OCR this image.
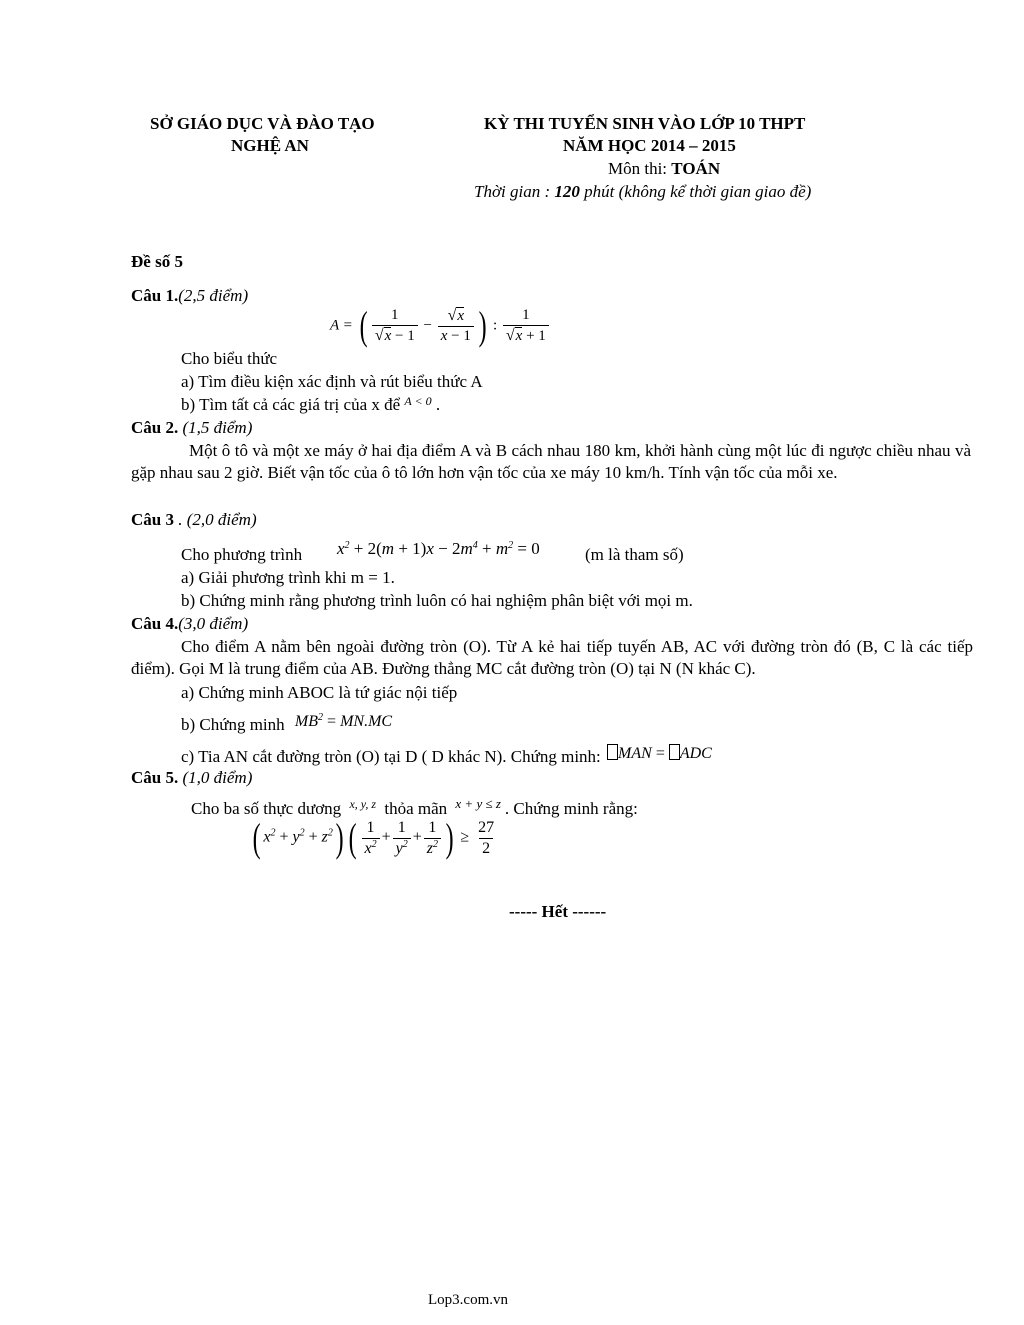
SỞ GIÁO DỤC VÀ ĐÀO TẠO
NGHỆ AN
KỲ THI TUYỂN SINH VÀO LỚP 10 THPT
NĂM HỌC 2014 – 2015
Môn thi: TOÁN
Thời gian : 120 phút (không kể thời gian giao đề)
Đề số 5
Câu 1.(2,5 điểm)
A = ( $\frac{1}{√x - 1} - \frac{√x}{x - 1}$ ) : $\frac{1}{√x + 1}$
Cho biểu thức
a) Tìm điều kiện xác định và rút biểu thức A
b) Tìm tất cả các giá trị của x để $^{A < 0}$ .
Câu 2. (1,5 điểm)
Một ô tô và một xe máy ở hai địa điểm A và B cách nhau 180 km, khởi hành cùng một lúc đi ngược chiều nhau và gặp nhau sau 2 giờ. Biết vận tốc của ô tô lớn hơn vận tốc của xe máy 10 km/h. Tính vận tốc của mỗi xe.
Câu 3 . (2,0 điểm)
Cho phương trình $x^2 + 2(m + 1)x - 2m^4 + m^2 = 0$	(m là tham số)
a) Giải phương trình khi m = 1.
b) Chứng minh rằng phương trình luôn có hai nghiệm phân biệt với mọi m.
Câu 4.(3,0 điểm)
Cho điểm A nằm bên ngoài đường tròn (O). Từ A kẻ hai tiếp tuyến AB, AC với đường tròn đó (B, C là các tiếp điểm). Gọi M là trung điểm của AB. Đường thẳng MC cắt đường tròn (O) tại N (N khác C).
a) Chứng minh ABOC là tứ giác nội tiếp
b) Chứng minh $MB^2 = MN.MC$
c) Tia AN cắt đường tròn (O) tại D ( D khác N). Chứng minh: MAN = ADC
Câu 5. (1,0 điểm)
Cho ba số thực dương $^{x, y, z}$ thỏa mãn $^{x + y \le z}$ . Chứng minh rằng:
( $x^2 + y^2 + z^2$) ( $\frac{1}{x^2} + \frac{1}{y^2} + \frac{1}{z^2}$ ) ≥ $\frac{27}{2}$
----- Hết ------
Lop3.com.vn
